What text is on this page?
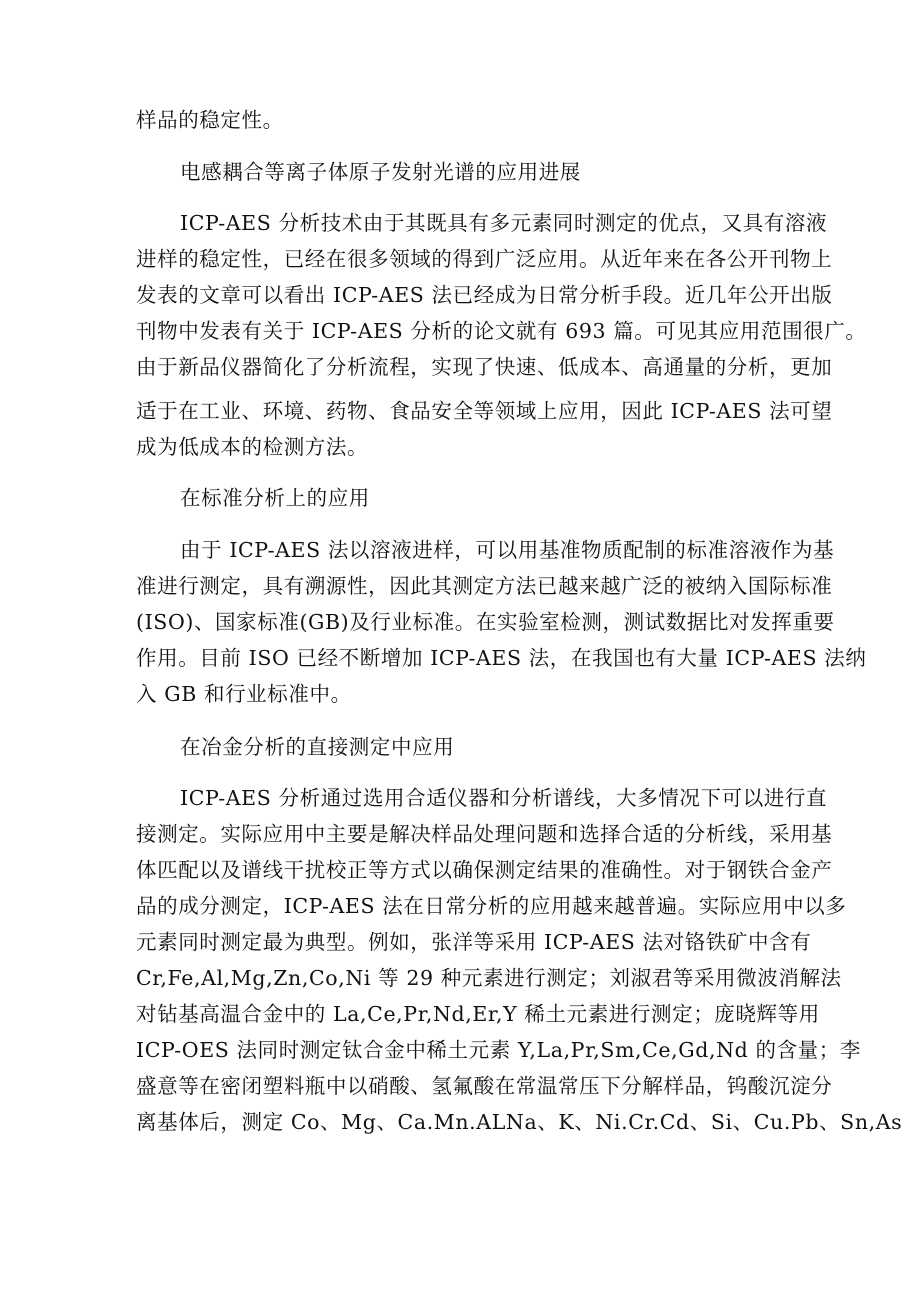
样品的稳定性。
电感耦合等离子体原子发射光谱的应用进展
ICP-AES 分析技术由于其既具有多元素同时测定的优点，又具有溶液
进样的稳定性，已经在很多领域的得到广泛应用。从近年来在各公开刊物上
发表的文章可以看出 ICP-AES 法已经成为日常分析手段。近几年公开出版
刊物中发表有关于 ICP-AES 分析的论文就有 693 篇。可见其应用范围很广。
由于新品仪器简化了分析流程，实现了快速、低成本、高通量的分析，更加
适于在工业、环境、药物、食品安全等领域上应用，因此 ICP-AES 法可望
成为低成本的检测方法。
在标准分析上的应用
由于 ICP-AES 法以溶液进样，可以用基准物质配制的标准溶液作为基
准进行测定，具有溯源性，因此其测定方法已越来越广泛的被纳入国际标准
(ISO)、国家标准(GB)及行业标准。在实验室检测，测试数据比对发挥重要
作用。目前 ISO 已经不断增加 ICP-AES 法，在我国也有大量 ICP-AES 法纳
入 GB 和行业标准中。
在冶金分析的直接测定中应用
ICP-AES 分析通过选用合适仪器和分析谱线，大多情况下可以进行直
接测定。实际应用中主要是解决样品处理问题和选择合适的分析线，采用基
体匹配以及谱线干扰校正等方式以确保测定结果的准确性。对于钢铁合金产
品的成分测定，ICP-AES 法在日常分析的应用越来越普遍。实际应用中以多
元素同时测定最为典型。例如，张洋等采用 ICP-AES 法对铬铁矿中含有
Cr,Fe,Al,Mg,Zn,Co,Ni 等 29 种元素进行测定；刘淑君等采用微波消解法
对钻基高温合金中的 La,Ce,Pr,Nd,Er,Y 稀土元素进行测定；庞晓辉等用
ICP-OES 法同时测定钛合金中稀土元素 Y,La,Pr,Sm,Ce,Gd,Nd 的含量；李
盛意等在密闭塑料瓶中以硝酸、氢氟酸在常温常压下分解样品，钨酸沉淀分
离基体后，测定 Co、Mg、Ca.Mn.ALNa、K、Ni.Cr.Cd、Si、Cu.Pb、Sn,As
